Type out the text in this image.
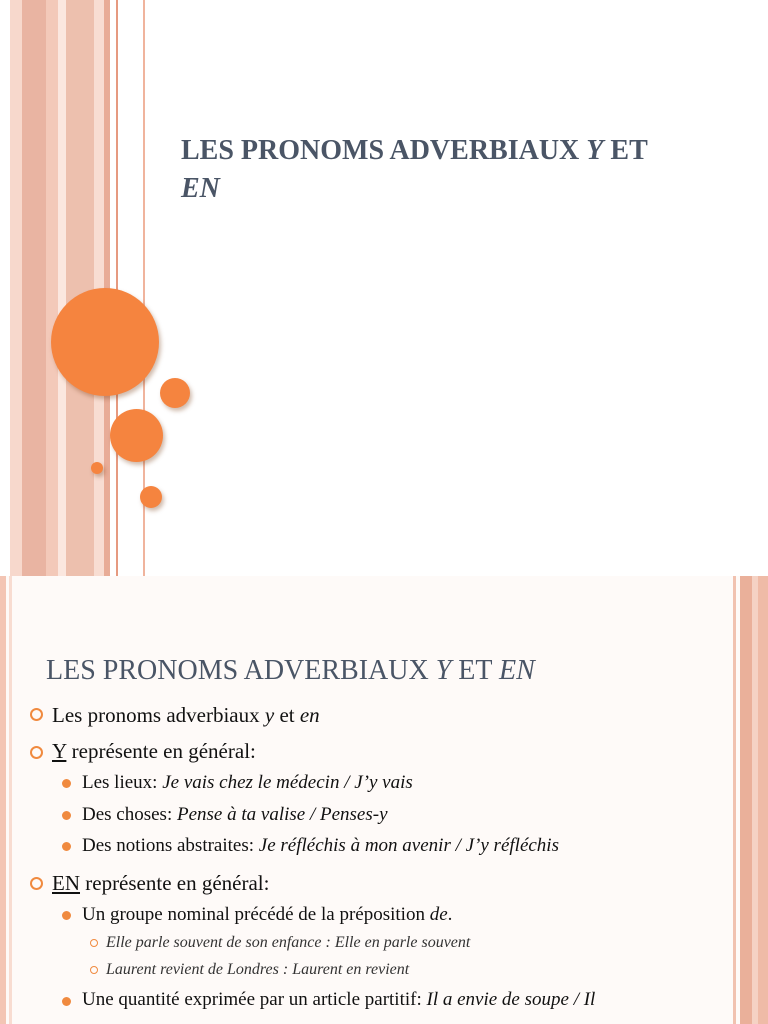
LES PRONOMS ADVERBIAUX Y ET
EN
LES PRONOMS ADVERBIAUX Y ET EN
Les pronoms adverbiaux y et en
Y représente en général:
Les lieux: Je vais chez le médecin / J’y vais
Des choses: Pense à ta valise / Penses-y
Des notions abstraites: Je réfléchis à mon avenir / J’y réfléchis
EN représente en général:
Un groupe nominal précédé de la préposition de.
Elle parle souvent de son enfance : Elle en parle souvent
Laurent revient de Londres : Laurent en revient
Une quantité exprimée par un article partitif: Il a envie de soupe / Il
